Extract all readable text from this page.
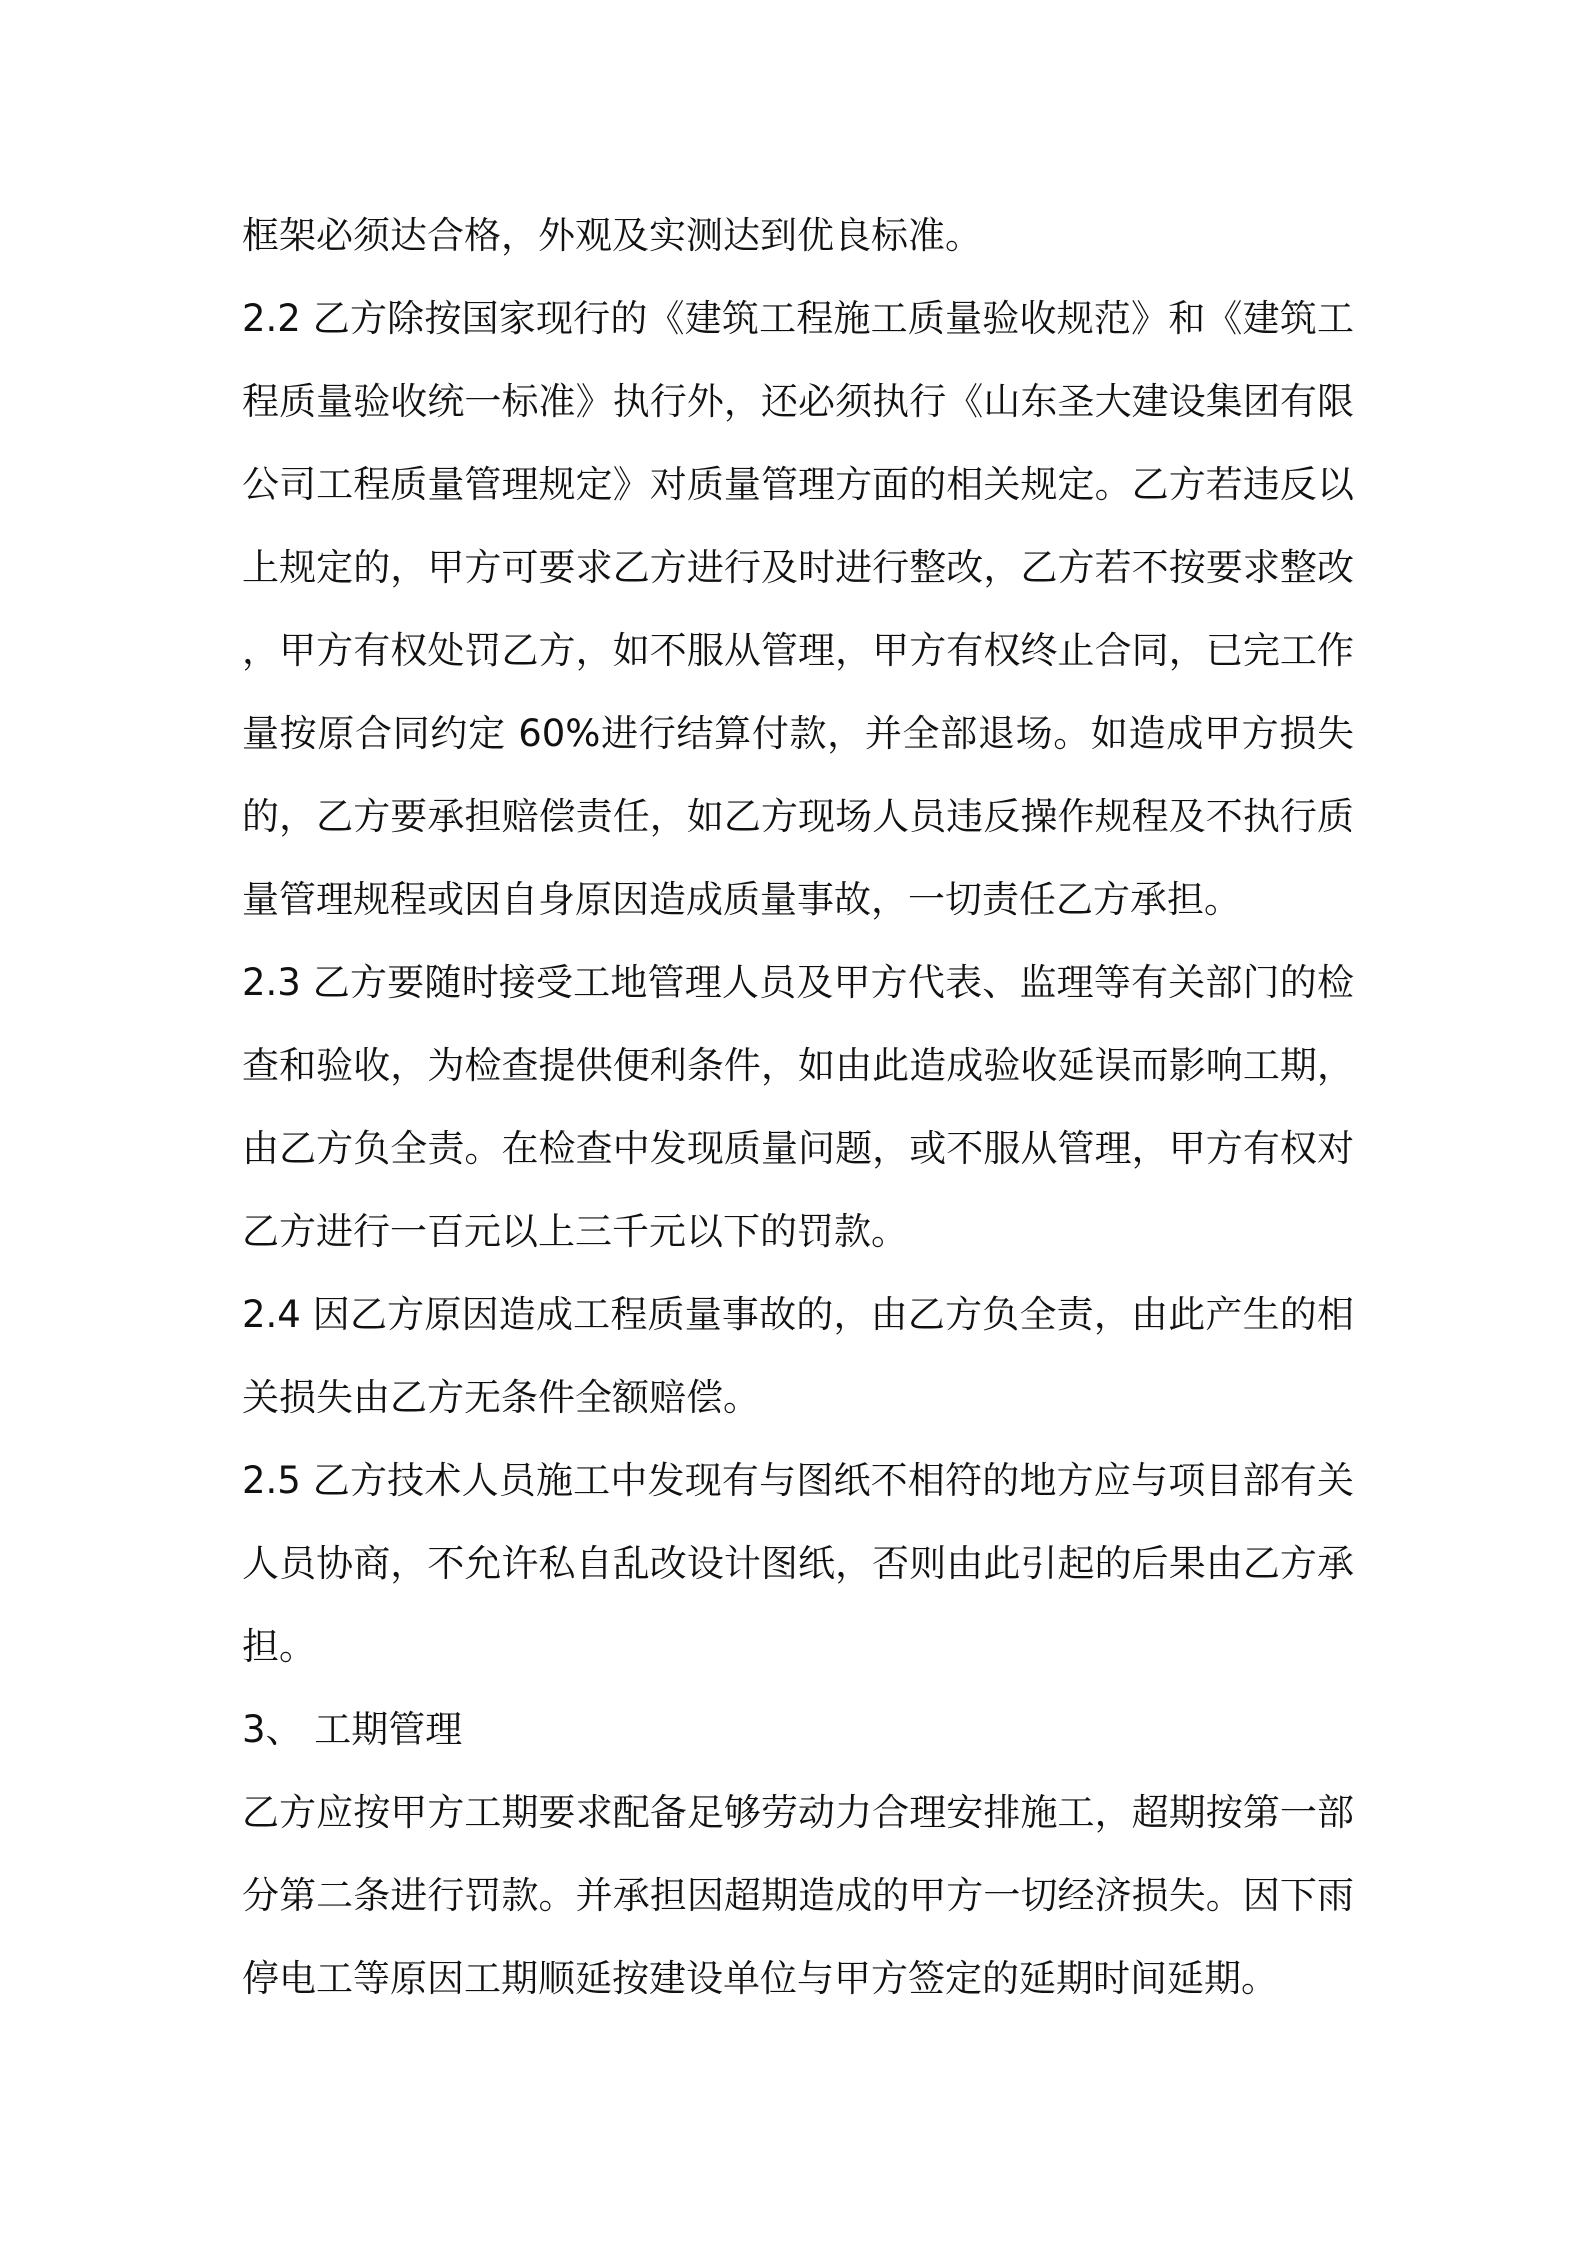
框架必须达合格，外观及实测达到优良标准。

2.2 乙方除按国家现行的《建筑工程施工质量验收规范》和《建筑工程质量验收统一标准》执行外，还必须执行《山东圣大建设集团有限公司工程质量管理规定》对质量管理方面的相关规定。乙方若违反以上规定的，甲方可要求乙方进行及时进行整改，乙方若不按要求整改，甲方有权处罚乙方，如不服从管理，甲方有权终止合同，已完工作量按原合同约定 60%进行结算付款，并全部退场。如造成甲方损失的，乙方要承担赔偿责任，如乙方现场人员违反操作规程及不执行质量管理规程或因自身原因造成质量事故，一切责任乙方承担。

2.3 乙方要随时接受工地管理人员及甲方代表、监理等有关部门的检查和验收，为检查提供便利条件，如由此造成验收延误而影响工期，由乙方负全责。在检查中发现质量问题，或不服从管理，甲方有权对乙方进行一百元以上三千元以下的罚款。

2.4 因乙方原因造成工程质量事故的，由乙方负全责，由此产生的相关损失由乙方无条件全额赔偿。

2.5 乙方技术人员施工中发现有与图纸不相符的地方应与项目部有关人员协商，不允许私自乱改设计图纸，否则由此引起的后果由乙方承担。

3、 工期管理

乙方应按甲方工期要求配备足够劳动力合理安排施工，超期按第一部分第二条进行罚款。并承担因超期造成的甲方一切经济损失。因下雨停电工等原因工期顺延按建设单位与甲方签定的延期时间延期。
